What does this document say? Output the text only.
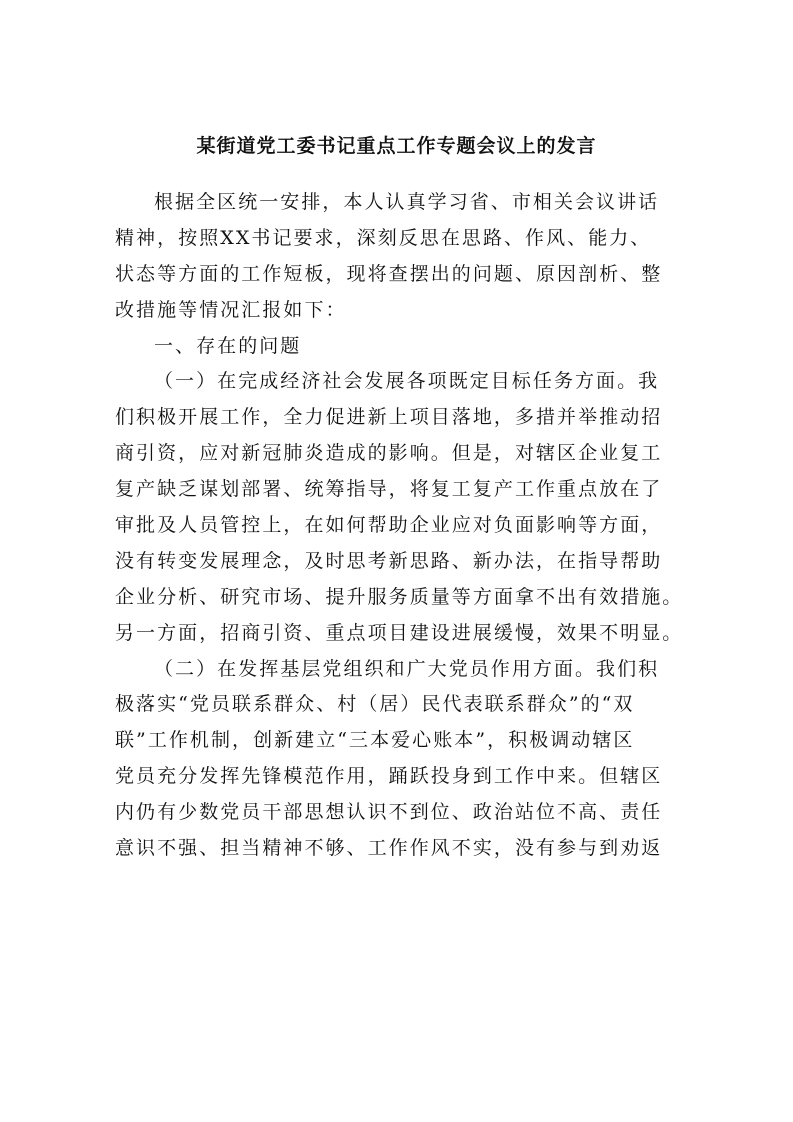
某街道党工委书记重点工作专题会议上的发言
根据全区统一安排，本人认真学习省、市相关会议讲话
精神，按照XX书记要求，深刻反思在思路、作风、能力、
状态等方面的工作短板，现将查摆出的问题、原因剖析、整
改措施等情况汇报如下：
一、存在的问题
（一）在完成经济社会发展各项既定目标任务方面。我
们积极开展工作，全力促进新上项目落地，多措并举推动招
商引资，应对新冠肺炎造成的影响。但是，对辖区企业复工
复产缺乏谋划部署、统筹指导，将复工复产工作重点放在了
审批及人员管控上，在如何帮助企业应对负面影响等方面，
没有转变发展理念，及时思考新思路、新办法，在指导帮助
企业分析、研究市场、提升服务质量等方面拿不出有效措施。
另一方面，招商引资、重点项目建设进展缓慢，效果不明显。
（二）在发挥基层党组织和广大党员作用方面。我们积
极落实“党员联系群众、村（居）民代表联系群众”的“双
联”工作机制，创新建立“三本爱心账本”，积极调动辖区
党员充分发挥先锋模范作用，踊跃投身到工作中来。但辖区
内仍有少数党员干部思想认识不到位、政治站位不高、责任
意识不强、担当精神不够、工作作风不实，没有参与到劝返
